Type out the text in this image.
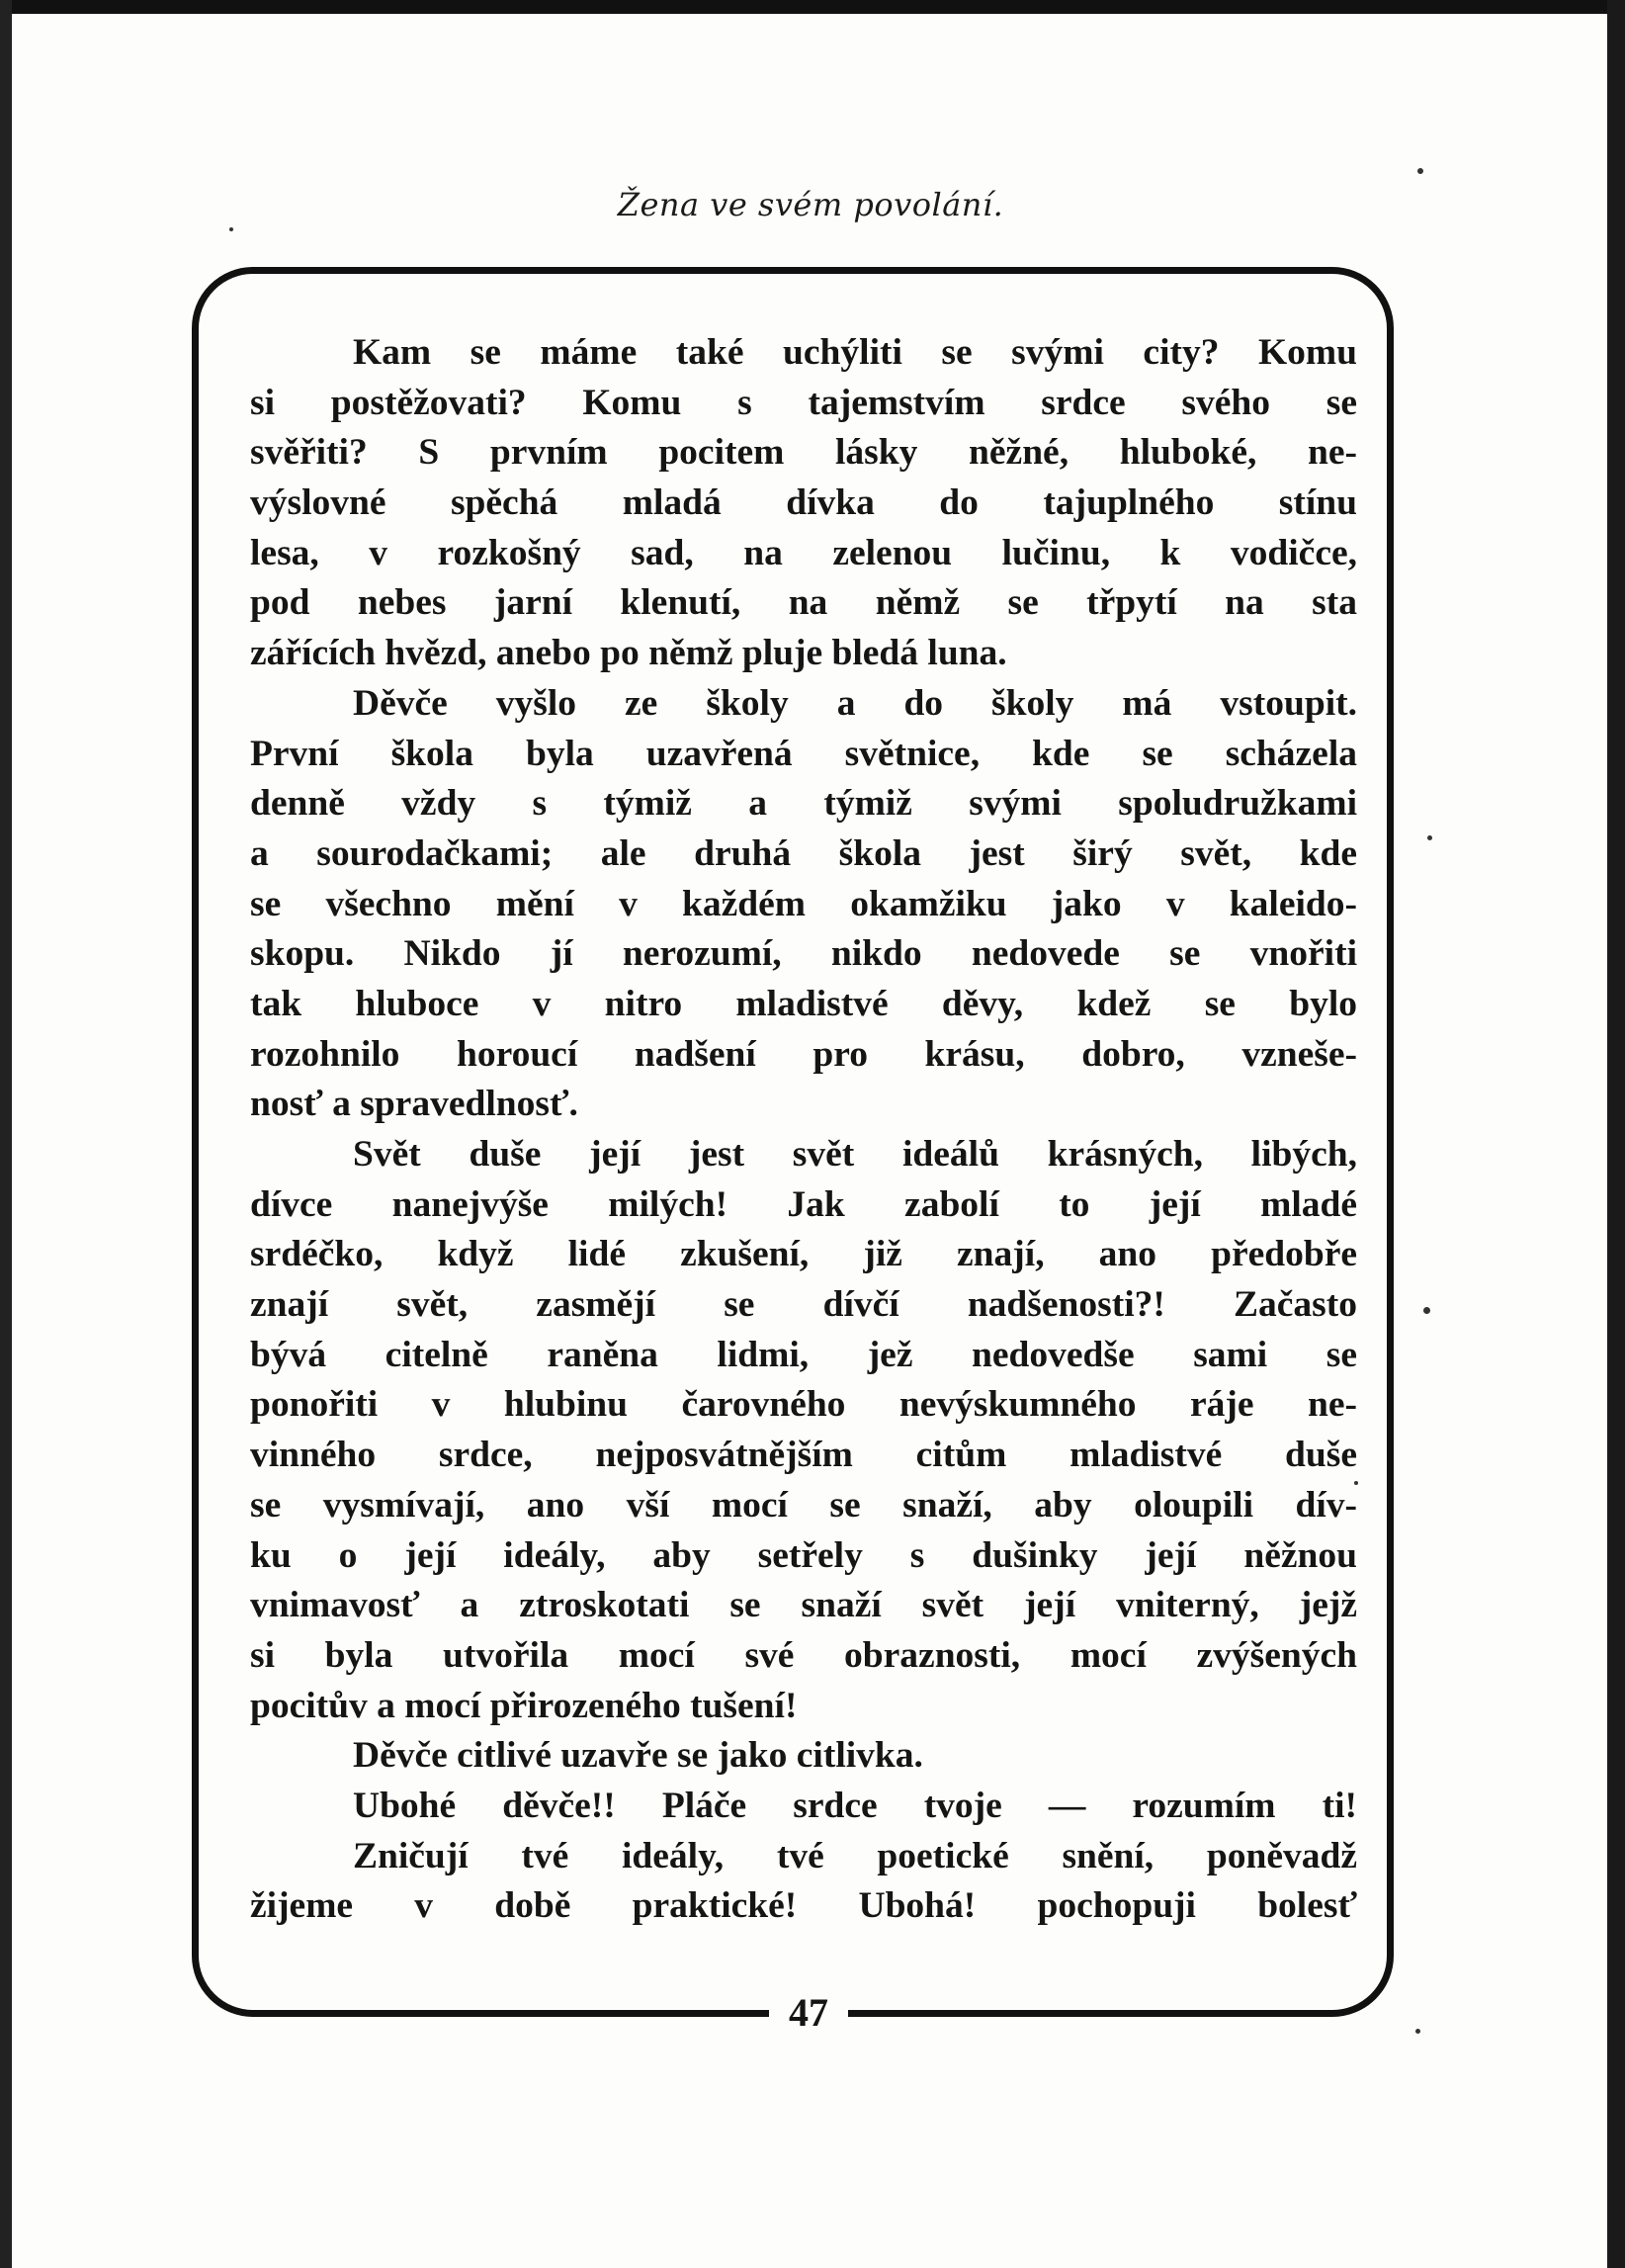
Žena ve svém povolání.
Kam se máme také uchýliti se svými city? Komu
si postěžovati? Komu s tajemstvím srdce svého se
svěřiti? S prvním pocitem lásky něžné, hluboké, ne-
výslovné spěchá mladá dívka do tajuplného stínu
lesa, v rozkošný sad, na zelenou lučinu, k vodičce,
pod nebes jarní klenutí, na němž se třpytí na sta
zářících hvězd, anebo po němž pluje bledá luna.
Děvče vyšlo ze školy a do školy má vstoupit.
První škola byla uzavřená světnice, kde se scházela
denně vždy s týmiž a týmiž svými spoludružkami
a sourodačkami; ale druhá škola jest širý svět, kde
se všechno mění v každém okamžiku jako v kaleido-
skopu. Nikdo jí nerozumí, nikdo nedovede se vnořiti
tak hluboce v nitro mladistvé děvy, kdež se bylo
rozohnilo horoucí nadšení pro krásu, dobro, vzneše-
nosť a spravedlnosť.
Svět duše její jest svět ideálů krásných, libých,
dívce nanejvýše milých! Jak zabolí to její mladé
srdéčko, když lidé zkušení, již znají, ano předobře
znají svět, zasmějí se dívčí nadšenosti?! Začasto
bývá citelně raněna lidmi, jež nedovedše sami se
ponořiti v hlubinu čarovného nevýskumného ráje ne-
vinného srdce, nejposvátnějším citům mladistvé duše
se vysmívají, ano vší mocí se snaží, aby oloupili dív-
ku o její ideály, aby setřely s dušinky její něžnou
vnimavosť a ztroskotati se snaží svět její vniterný, jejž
si byla utvořila mocí své obraznosti, mocí zvýšených
pocitův a mocí přirozeného tušení!
Děvče citlivé uzavře se jako citlivka.
Ubohé děvče!! Pláče srdce tvoje — rozumím ti!
Zničují tvé ideály, tvé poetické snění, poněvadž
žijeme v době praktické! Ubohá! pochopuji bolesť
47
